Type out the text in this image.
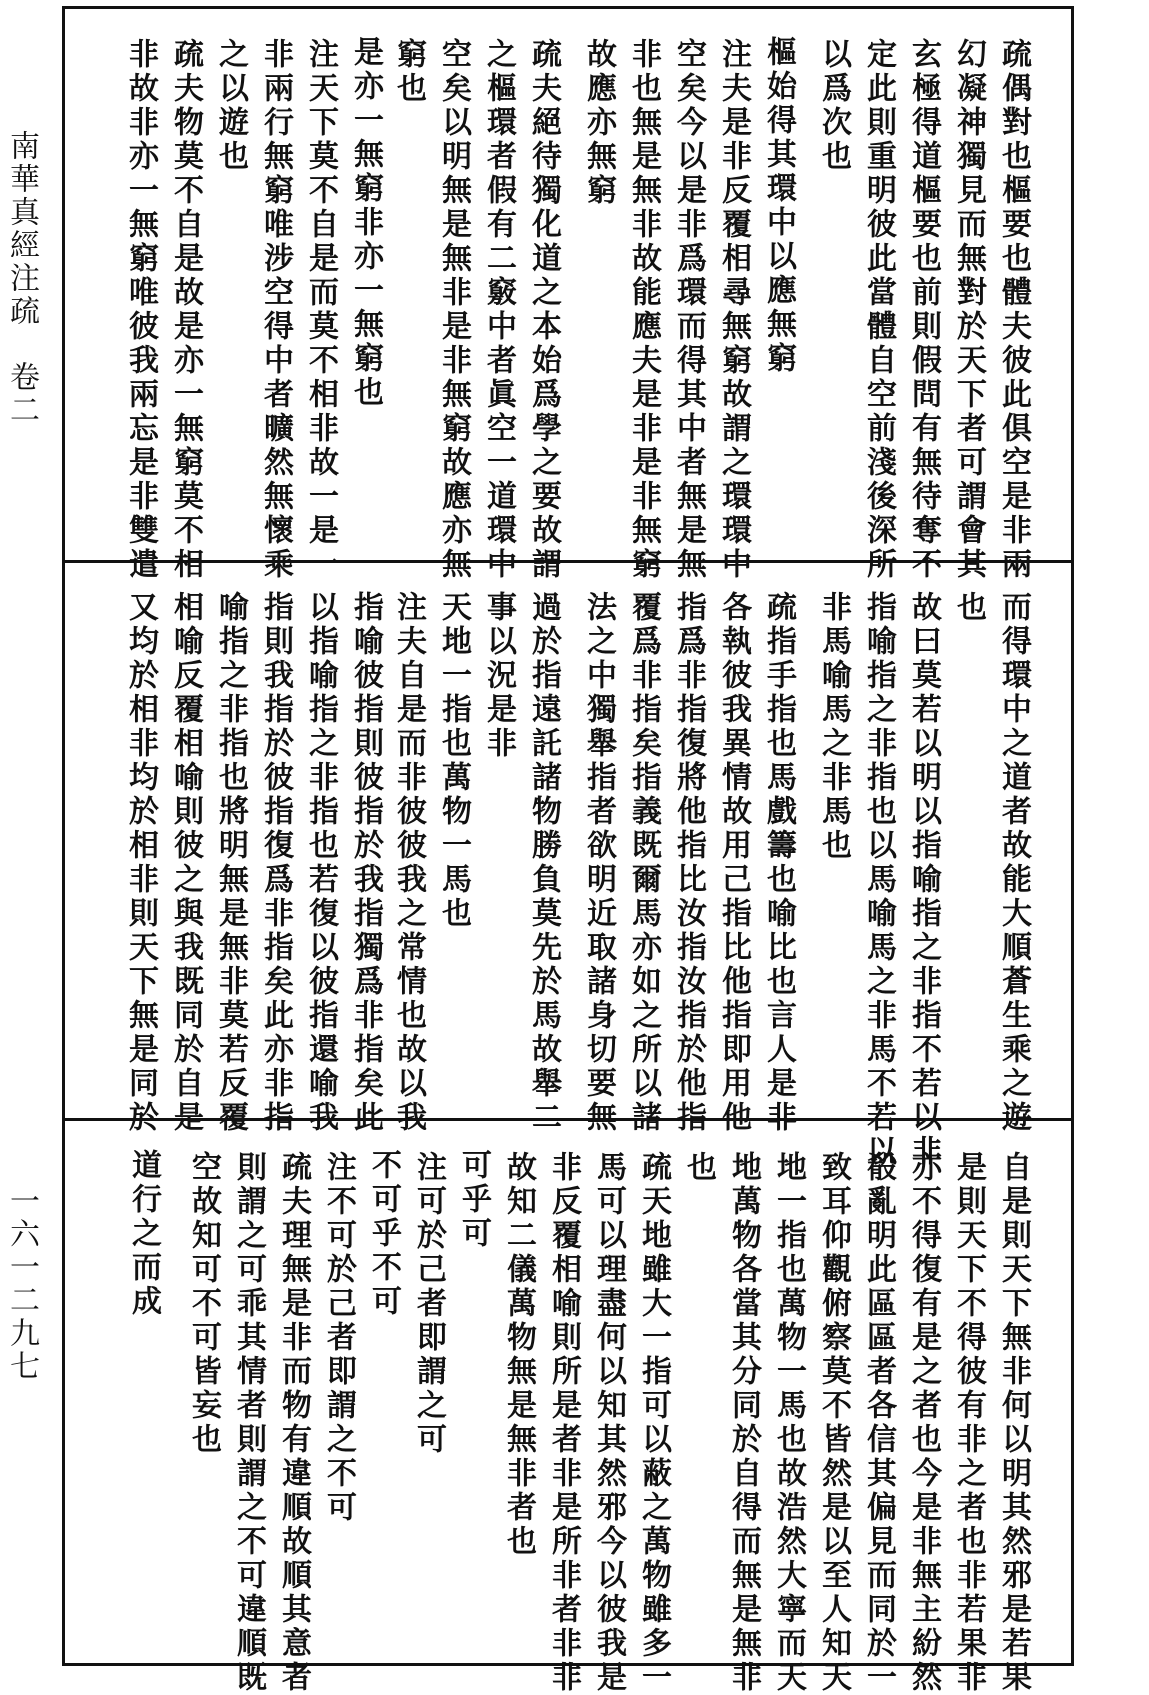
南華真經注疏　卷二
一六一二九七
疏偶對也樞要也體夫彼此俱空是非兩
幻凝神獨見而無對於天下者可謂會其
玄極得道樞要也前則假問有無待奪不
定此則重明彼此當體自空前淺後深所
以爲次也
樞始得其環中以應無窮
注夫是非反覆相尋無窮故謂之環環中
空矣今以是非爲環而得其中者無是無
非也無是無非故能應夫是非是非無窮
故應亦無窮
疏夫絕待獨化道之本始爲學之要故謂
之樞環者假有二竅中者眞空一道環中
空矣以明無是無非是非無窮故應亦無
窮也
是亦一無窮非亦一無窮也
注天下莫不自是而莫不相非故一是一
非兩行無窮唯涉空得中者曠然無懷乘
之以遊也
疏夫物莫不自是故是亦一無窮莫不相
非故非亦一無窮唯彼我兩忘是非雙遣
而得環中之道者故能大順蒼生乘之遊
也
故曰莫若以明以指喻指之非指不若以非
指喻指之非指也以馬喻馬之非馬不若以
非馬喻馬之非馬也
疏指手指也馬戲籌也喻比也言人是非
各執彼我異情故用己指比他指即用他
指爲非指復將他指比汝指汝指於他指
覆爲非指矣指義既爾馬亦如之所以諸
法之中獨舉指者欲明近取諸身切要無
過於指遠託諸物勝負莫先於馬故舉二
事以況是非
天地一指也萬物一馬也
注夫自是而非彼彼我之常情也故以我
指喻彼指則彼指於我指獨爲非指矣此
以指喻指之非指也若復以彼指還喻我
指則我指於彼指復爲非指矣此亦非指
喻指之非指也將明無是無非莫若反覆
相喻反覆相喻則彼之與我既同於自是
又均於相非均於相非則天下無是同於
自是則天下無非何以明其然邪是若果
是則天下不得彼有非之者也非若果非
亦不得復有是之者也今是非無主紛然
殽亂明此區區者各信其偏見而同於一
致耳仰觀俯察莫不皆然是以至人知天
地一指也萬物一馬也故浩然大寧而天
地萬物各當其分同於自得而無是無非
也
疏天地雖大一指可以蔽之萬物雖多一
馬可以理盡何以知其然邪今以彼我是
非反覆相喻則所是者非是所非者非非
故知二儀萬物無是無非者也
可乎可
注可於己者即謂之可
不可乎不可
注不可於己者即謂之不可
疏夫理無是非而物有違順故順其意者
則謂之可乖其情者則謂之不可違順既
空故知可不可皆妄也
道行之而成
